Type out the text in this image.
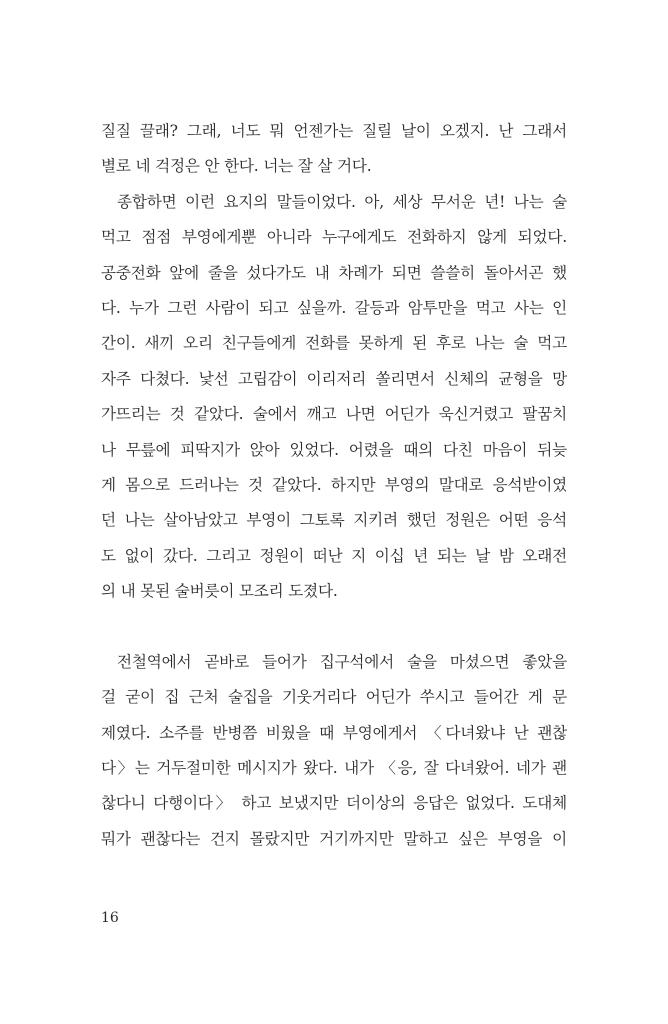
질질 끌래? 그래, 너도 뭐 언젠가는 질릴 날이 오겠지. 난 그래서
별로 네 걱정은 안 한다. 너는 잘 살 거다.
종합하면 이런 요지의 말들이었다. 아, 세상 무서운 년! 나는 술
먹고 점점 부영에게뿐 아니라 누구에게도 전화하지 않게 되었다.
공중전화 앞에 줄을 섰다가도 내 차례가 되면 쓸쓸히 돌아서곤 했
다. 누가 그런 사람이 되고 싶을까. 갈등과 암투만을 먹고 사는 인
간이. 새끼 오리 친구들에게 전화를 못하게 된 후로 나는 술 먹고
자주 다쳤다. 낯선 고립감이 이리저리 쏠리면서 신체의 균형을 망
가뜨리는 것 같았다. 술에서 깨고 나면 어딘가 욱신거렸고 팔꿈치
나 무릎에 피딱지가 앉아 있었다. 어렸을 때의 다친 마음이 뒤늦
게 몸으로 드러나는 것 같았다. 하지만 부영의 말대로 응석받이였
던 나는 살아남았고 부영이 그토록 지키려 했던 정원은 어떤 응석
도 없이 갔다. 그리고 정원이 떠난 지 이십 년 되는 날 밤 오래전
의 내 못된 술버릇이 모조리 도졌다.
전철역에서 곧바로 들어가 집구석에서 술을 마셨으면 좋았을
걸 굳이 집 근처 술집을 기웃거리다 어딘가 쑤시고 들어간 게 문
제였다. 소주를 반병쯤 비웠을 때 부영에게서 〈다녀왔냐 난 괜찮
다〉는 거두절미한 메시지가 왔다. 내가 〈응, 잘 다녀왔어. 네가 괜
찮다니 다행이다〉 하고 보냈지만 더이상의 응답은 없었다. 도대체
뭐가 괜찮다는 건지 몰랐지만 거기까지만 말하고 싶은 부영을 이
16
